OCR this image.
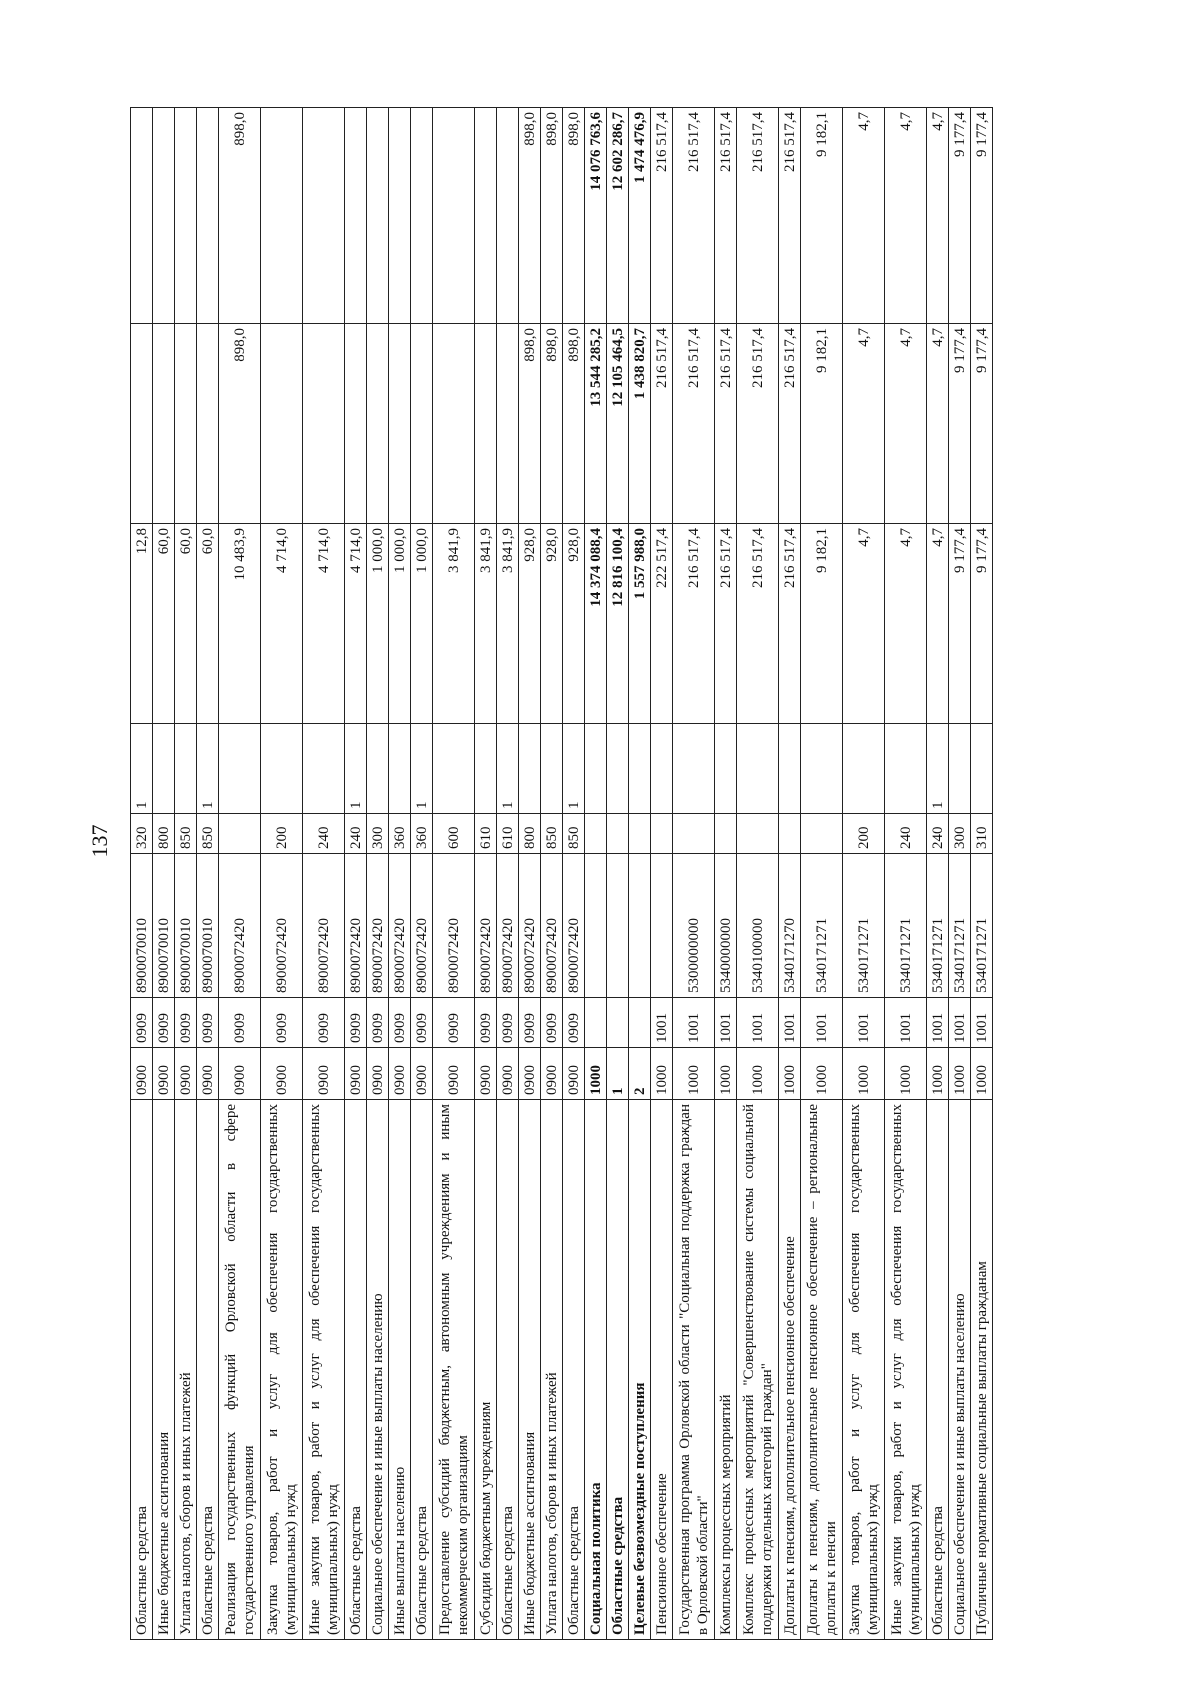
137
Областные средства	0900	0909	8900070010	320	1	12,8		
Иные бюджетные ассигнования	0900	0909	8900070010	800		60,0		
Уплата налогов, сборов и иных платежей	0900	0909	8900070010	850		60,0		
Областные средства	0900	0909	8900070010	850	1	60,0		
Реализация государственных функций Орловской области в сфере государственного управления	0900	0909	8900072420			10 483,9	898,0	898,0
Закупка товаров, работ и услуг для обеспечения государственных (муниципальных) нужд	0900	0909	8900072420	200		4 714,0		
Иные закупки товаров, работ и услуг для обеспечения государственных (муниципальных) нужд	0900	0909	8900072420	240		4 714,0		
Областные средства	0900	0909	8900072420	240	1	4 714,0		
Социальное обеспечение и иные выплаты населению	0900	0909	8900072420	300		1 000,0		
Иные выплаты населению	0900	0909	8900072420	360		1 000,0		
Областные средства	0900	0909	8900072420	360	1	1 000,0		
Предоставление субсидий бюджетным, автономным учреждениям и иным некоммерческим организациям	0900	0909	8900072420	600		3 841,9		
Субсидии бюджетным учреждениям	0900	0909	8900072420	610		3 841,9		
Областные средства	0900	0909	8900072420	610	1	3 841,9		
Иные бюджетные ассигнования	0900	0909	8900072420	800		928,0	898,0	898,0
Уплата налогов, сборов и иных платежей	0900	0909	8900072420	850		928,0	898,0	898,0
Областные средства	0900	0909	8900072420	850	1	928,0	898,0	898,0
Социальная политика	1000					14 374 088,4	13 544 285,2	14 076 763,6
Областные средства	1					12 816 100,4	12 105 464,5	12 602 286,7
Целевые безвозмездные поступления	2					1 557 988,0	1 438 820,7	1 474 476,9
Пенсионное обеспечение	1000	1001				222 517,4	216 517,4	216 517,4
Государственная программа Орловской области "Социальная поддержка граждан в Орловской области"	1000	1001	5300000000			216 517,4	216 517,4	216 517,4
Комплексы процессных мероприятий	1000	1001	5340000000			216 517,4	216 517,4	216 517,4
Комплекс процессных мероприятий "Совершенствование системы социальной поддержки отдельных категорий граждан"	1000	1001	5340100000			216 517,4	216 517,4	216 517,4
Доплаты к пенсиям, дополнительное пенсионное обеспечение	1000	1001	5340171270			216 517,4	216 517,4	216 517,4
Доплаты к пенсиям, дополнительное пенсионное обеспечение – региональные доплаты к пенсии	1000	1001	5340171271			9 182,1	9 182,1	9 182,1
Закупка товаров, работ и услуг для обеспечения государственных (муниципальных) нужд	1000	1001	5340171271	200		4,7	4,7	4,7
Иные закупки товаров, работ и услуг для обеспечения государственных (муниципальных) нужд	1000	1001	5340171271	240		4,7	4,7	4,7
Областные средства	1000	1001	5340171271	240	1	4,7	4,7	4,7
Социальное обеспечение и иные выплаты населению	1000	1001	5340171271	300		9 177,4	9 177,4	9 177,4
Публичные нормативные социальные выплаты гражданам	1000	1001	5340171271	310		9 177,4	9 177,4	9 177,4
